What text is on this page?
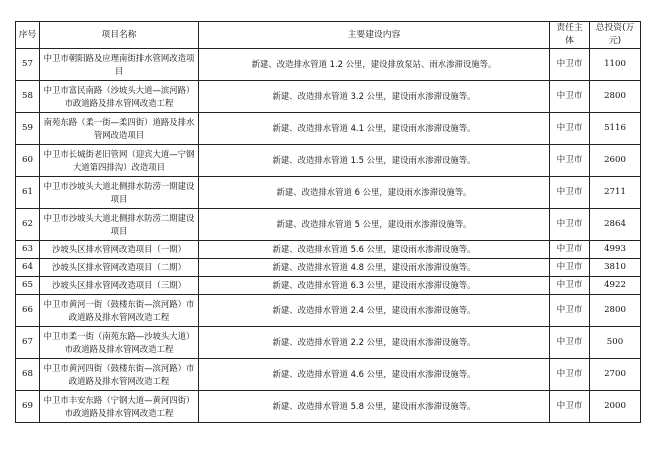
序号	项目名称	主要建设内容	责任主体	总投资(万元)
57	中卫市朝阳路及应理南街排水管网改造项目	新建、改造排水管道 1.2 公里，建设排放泵站、雨水渗滞设施等。	中卫市	1100
58	中卫市富民南路（沙坡头大道—滨河路）市政道路及排水管网改造工程	新建、改造排水管道 3.2 公里，建设雨水渗滞设施等。	中卫市	2800
59	南苑东路（柔一街—柔四街）道路及排水管网改造项目	新建、改造排水管道 4.1 公里，建设雨水渗滞设施等。	中卫市	5116
60	中卫市长城街老旧管网（迎宾大道—宁钢大道第四排沟）改造项目	新建、改造排水管道 1.5 公里，建设雨水渗滞设施等。	中卫市	2600
61	中卫市沙坡头大道北侧排水防涝一期建设项目	新建、改造排水管道 6 公里，建设雨水渗滞设施等。	中卫市	2711
62	中卫市沙坡头大道北侧排水防涝二期建设项目	新建、改造排水管道 5 公里，建设雨水渗滞设施等。	中卫市	2864
63	沙坡头区排水管网改造项目（一期）	新建、改造排水管道 5.6 公里，建设雨水渗滞设施等。	中卫市	4993
64	沙坡头区排水管网改造项目（二期）	新建、改造排水管道 4.8 公里，建设雨水渗滞设施等。	中卫市	3810
65	沙坡头区排水管网改造项目（三期）	新建、改造排水管道 6.3 公里，建设雨水渗滞设施等。	中卫市	4922
66	中卫市黄河一街（鼓楼东街—滨河路）市政道路及排水管网改造工程	新建、改造排水管道 2.4 公里，建设雨水渗滞设施等。	中卫市	2800
67	中卫市柔一街（南苑东路—沙坡头大道）市政道路及排水管网改造工程	新建、改造排水管道 2.2 公里，建设雨水渗滞设施等。	中卫市	500
68	中卫市黄河四街（鼓楼东街—滨河路）市政道路及排水管网改造工程	新建、改造排水管道 4.6 公里，建设雨水渗滞设施等。	中卫市	2700
69	中卫市丰安东路（宁钢大道—黄河四街）市政道路及排水管网改造工程	新建、改造排水管道 5.8 公里，建设雨水渗滞设施等。	中卫市	2000
